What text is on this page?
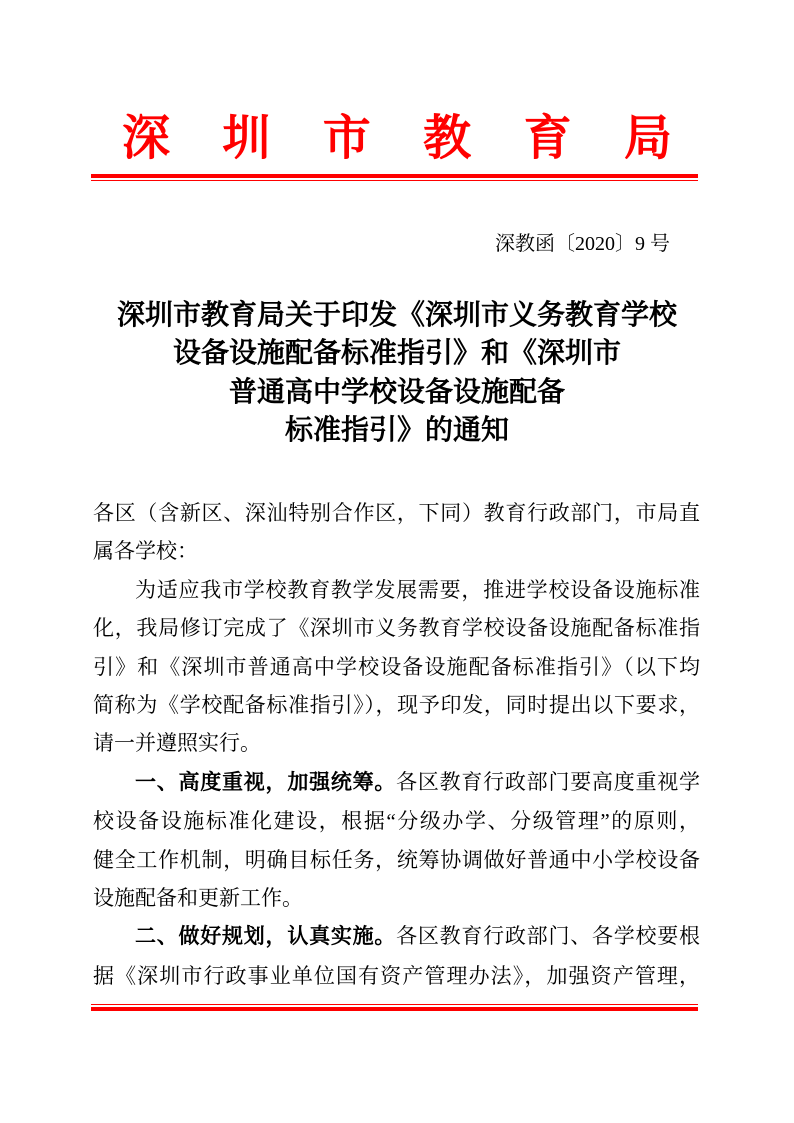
深 圳 市 教 育 局
深教函〔2020〕9 号
深圳市教育局关于印发《深圳市义务教育学校
设备设施配备标准指引》和《深圳市
普通高中学校设备设施配备
标准指引》的通知
各区（含新区、深汕特别合作区，下同）教育行政部门，市局直
属各学校：
为适应我市学校教育教学发展需要，推进学校设备设施标准
化，我局修订完成了《深圳市义务教育学校设备设施配备标准指
引》和《深圳市普通高中学校设备设施配备标准指引》（以下均
简称为《学校配备标准指引》），现予印发，同时提出以下要求，
请一并遵照实行。
一、高度重视，加强统筹。各区教育行政部门要高度重视学
校设备设施标准化建设，根据“分级办学、分级管理”的原则，
健全工作机制，明确目标任务，统筹协调做好普通中小学校设备
设施配备和更新工作。
二、做好规划，认真实施。各区教育行政部门、各学校要根
据《深圳市行政事业单位国有资产管理办法》，加强资产管理，
